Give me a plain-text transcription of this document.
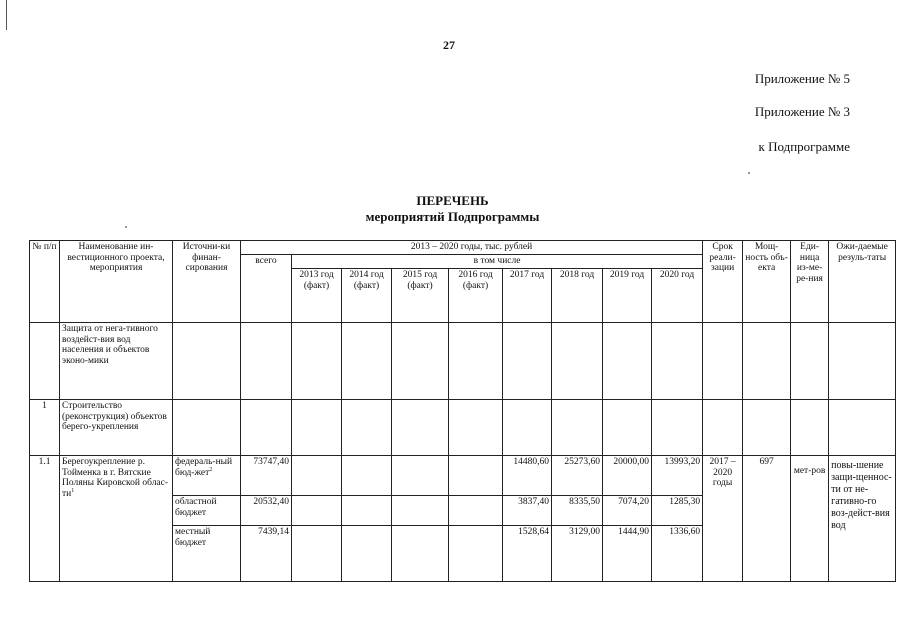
27
Приложение № 5
Приложение № 3
к Подпрограмме
ПЕРЕЧЕНЬ
мероприятий Подпрограммы
№ п/п	Наименование ин-вестиционного проекта, мероприятия	Источни-ки финан-сирования	2013 – 2020 годы, тыс. рублей									Срок реали-зации	Мощ-ность объ-екта	Еди-ница из-ме-ре-ния	Ожи-даемые резуль-таты
			всего	в том числе											
				2013 год (факт)	2014 год (факт)	2015 год (факт)	2016 год (факт)	2017 год	2018 год	2019 год	2020 год				
	Защита от нега-тивного воздейст-вия вод населения и объектов эконо-мики														
1	Строительство (реконструкция) объектов берего-укрепления														
1.1	Берегоукрепление р. Тойменка в г. Вятские Поляны Кировской облас-$ти^1$	федераль-ный бюд-жет$^2$	73747,40					14480,60	25273,60	20000,00	13993,20	2017 – 2020 годы	697	мет-ров	повы-шение защи-щеннос-ти от не-гативно-го воз-дейст-вия вод
		областной бюджет	20532,40					3837,40	8335,50	7074,20	1285,30				
		местный бюджет	7439,14					1528,64	3129,00	1444,90	1336,60				
